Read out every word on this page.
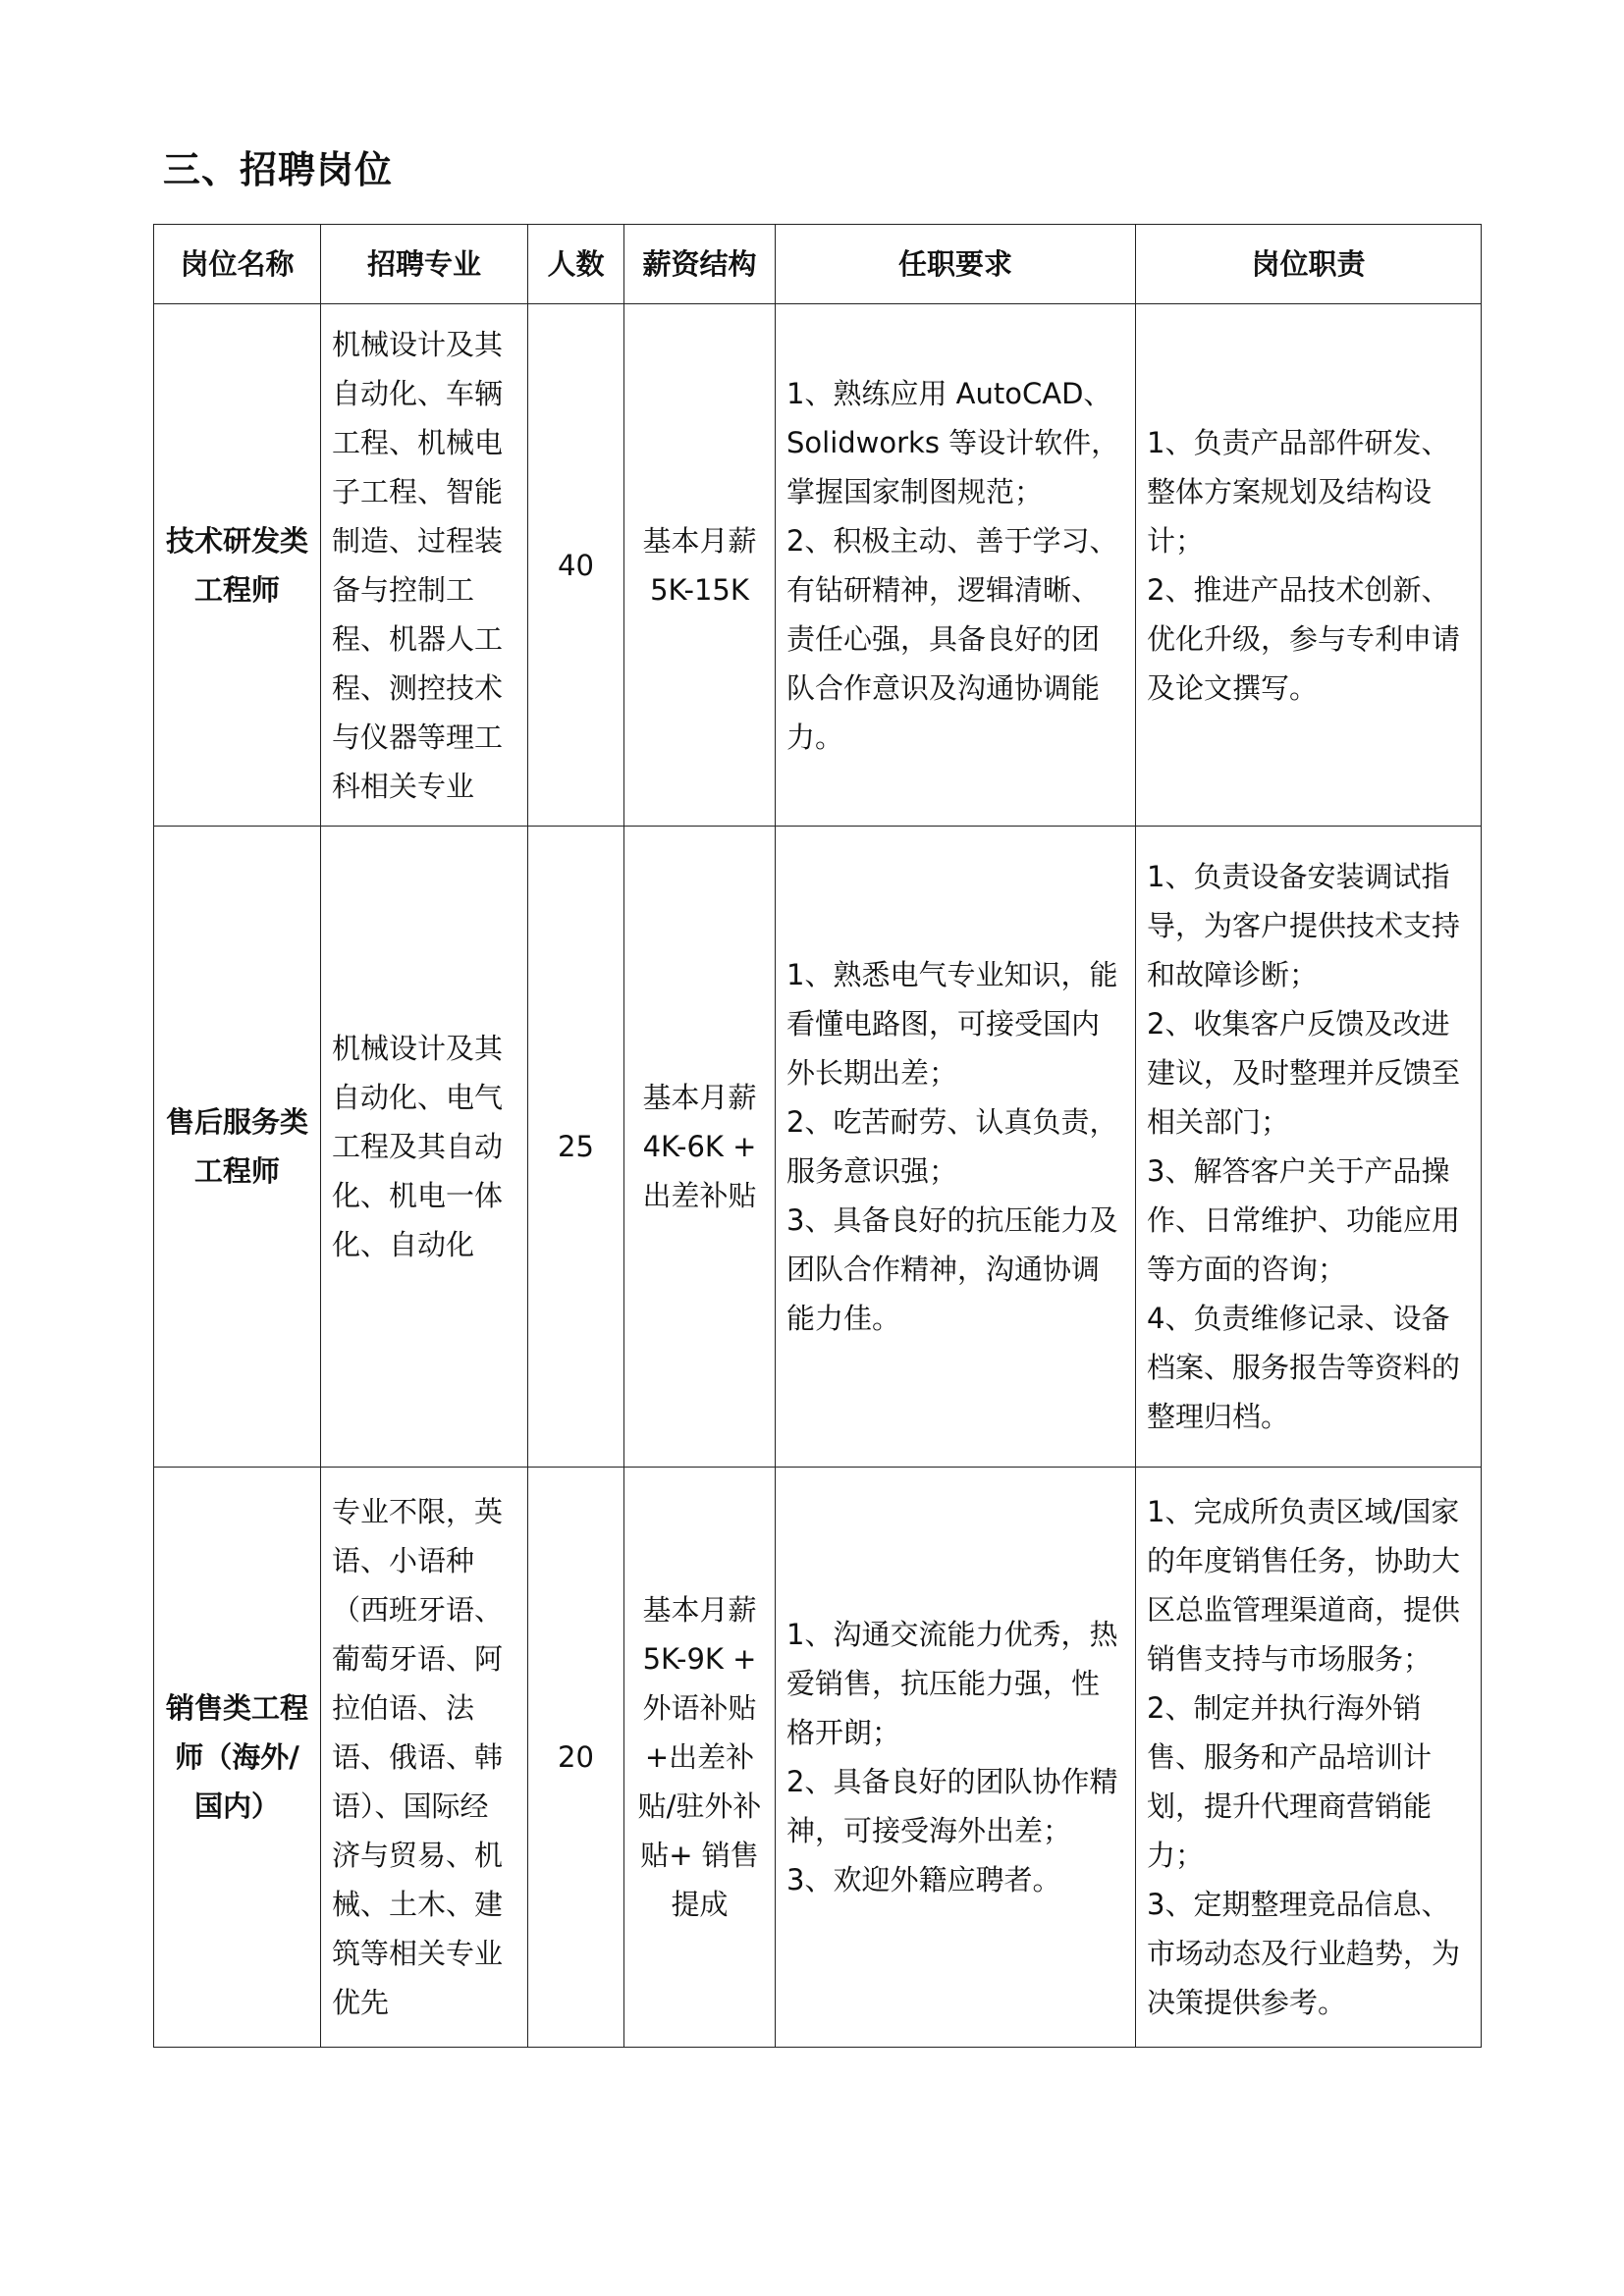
三、招聘岗位
岗位名称	招聘专业	人数	薪资结构	任职要求	岗位职责
技术研发类工程师	机械设计及其自动化、车辆工程、机械电子工程、智能制造、过程装备与控制工程、机器人工程、测控技术与仪器等理工科相关专业	40	基本月薪 5K-15K	1、熟练应用 AutoCAD、Solidworks 等设计软件，掌握国家制图规范；
2、积极主动、善于学习、有钻研精神，逻辑清晰、责任心强，具备良好的团队合作意识及沟通协调能力。	1、负责产品部件研发、整体方案规划及结构设计；
2、推进产品技术创新、优化升级，参与专利申请及论文撰写。

售后服务类工程师	机械设计及其自动化、电气工程及其自动化、机电一体化、自动化	25	基本月薪 4K-6K + 出差补贴	1、熟悉电气专业知识，能看懂电路图，可接受国内外长期出差；
2、吃苦耐劳、认真负责，服务意识强；
3、具备良好的抗压能力及团队合作精神，沟通协调能力佳。	1、负责设备安装调试指导，为客户提供技术支持和故障诊断；
2、收集客户反馈及改进建议，及时整理并反馈至相关部门；
3、解答客户关于产品操作、日常维护、功能应用等方面的咨询；
4、负责维修记录、设备档案、服务报告等资料的整理归档。

销售类工程师（海外/国内）	专业不限，英语、小语种（西班牙语、葡萄牙语、阿拉伯语、法语、俄语、韩语）、国际经济与贸易、机械、土木、建筑等相关专业优先	20	基本月薪 5K-9K + 外语补贴+出差补贴/驻外补贴+ 销售提成	1、沟通交流能力优秀，热爱销售，抗压能力强，性格开朗；
2、具备良好的团队协作精神，可接受海外出差；
3、欢迎外籍应聘者。	1、完成所负责区域/国家的年度销售任务，协助大区总监管理渠道商，提供销售支持与市场服务；
2、制定并执行海外销售、服务和产品培训计划，提升代理商营销能力；
3、定期整理竞品信息、市场动态及行业趋势，为决策提供参考。
